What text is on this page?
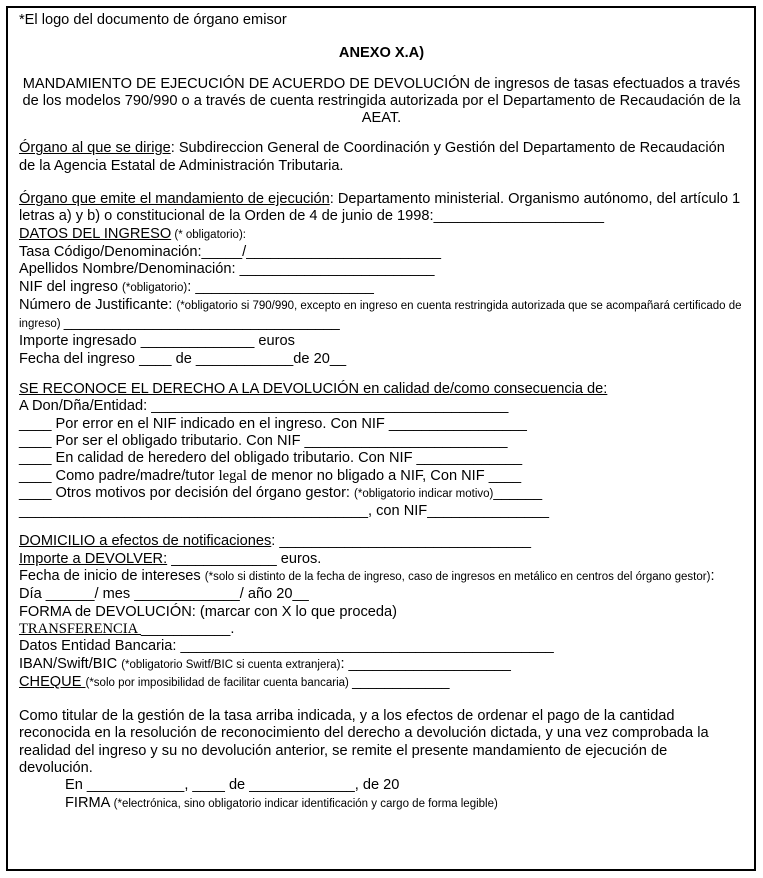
*El logo del documento de órgano emisor
ANEXO X.A)
MANDAMIENTO DE EJECUCIÓN DE ACUERDO DE DEVOLUCIÓN de ingresos de tasas efectuados a través de los modelos 790/990 o a través de cuenta restringida autorizada por el Departamento de Recaudación de la AEAT.
Órgano al que se dirige: Subdireccion General de Coordinación y Gestión del Departamento de Recaudación de la Agencia Estatal de Administración Tributaria.
Órgano que emite el mandamiento de ejecución: Departamento ministerial. Organismo autónomo, del artículo 1 letras a) y b) o constitucional de la Orden de 4 de junio de 1998:_____________________
DATOS DEL INGRESO (* obligatorio):
Tasa Código/Denominación:_____/________________________
Apellidos Nombre/Denominación: ________________________
NIF del ingreso (*obligatorio): ______________________
Número de Justificante: (*obligatorio si 790/990, excepto en ingreso en cuenta restringida autorizada que se acompañará certificado de ingreso) __________________________________
Importe ingresado ______________ euros
Fecha del ingreso ____ de ____________de 20__
SE RECONOCE EL DERECHO A LA DEVOLUCIÓN en calidad de/como consecuencia de:
A Don/Dña/Entidad: ____________________________________________
____ Por error en el NIF indicado en el ingreso. Con NIF _________________
____ Por ser el obligado tributario. Con NIF _________________________
____ En calidad de heredero del obligado tributario. Con NIF _____________
____ Como padre/madre/tutor legal de menor no bligado a NIF, Con NIF ____
____ Otros motivos por decisión del órgano gestor: (*obligatorio indicar motivo)______
___________________________________________, con NIF_______________
DOMICILIO a efectos de notificaciones: _______________________________
Importe a DEVOLVER: _____________ euros.
Fecha de inicio de intereses (*solo si distinto de la fecha de ingreso, caso de ingresos en metálico en centros del órgano gestor):
Día ______/ mes _____________/ año 20__
FORMA de DEVOLUCIÓN: (marcar con X lo que proceda)
TRANSFERENCIA ___________.
Datos Entidad Bancaria: ______________________________________________
IBAN/Swift/BIC (*obligatorio Switf/BIC si cuenta extranjera): ____________________
CHEQUE (*solo por imposibilidad de facilitar cuenta bancaria) ____________
Como titular de la gestión de la tasa arriba indicada, y a los efectos de ordenar el pago de la cantidad reconocida en la resolución de reconocimiento del derecho a devolución dictada, y una vez comprobada la realidad del ingreso y su no devolución anterior, se remite el presente mandamiento de ejecución de devolución.
En ____________, ____ de _____________, de 20
FIRMA (*electrónica, sino obligatorio indicar identificación y cargo de forma legible)
